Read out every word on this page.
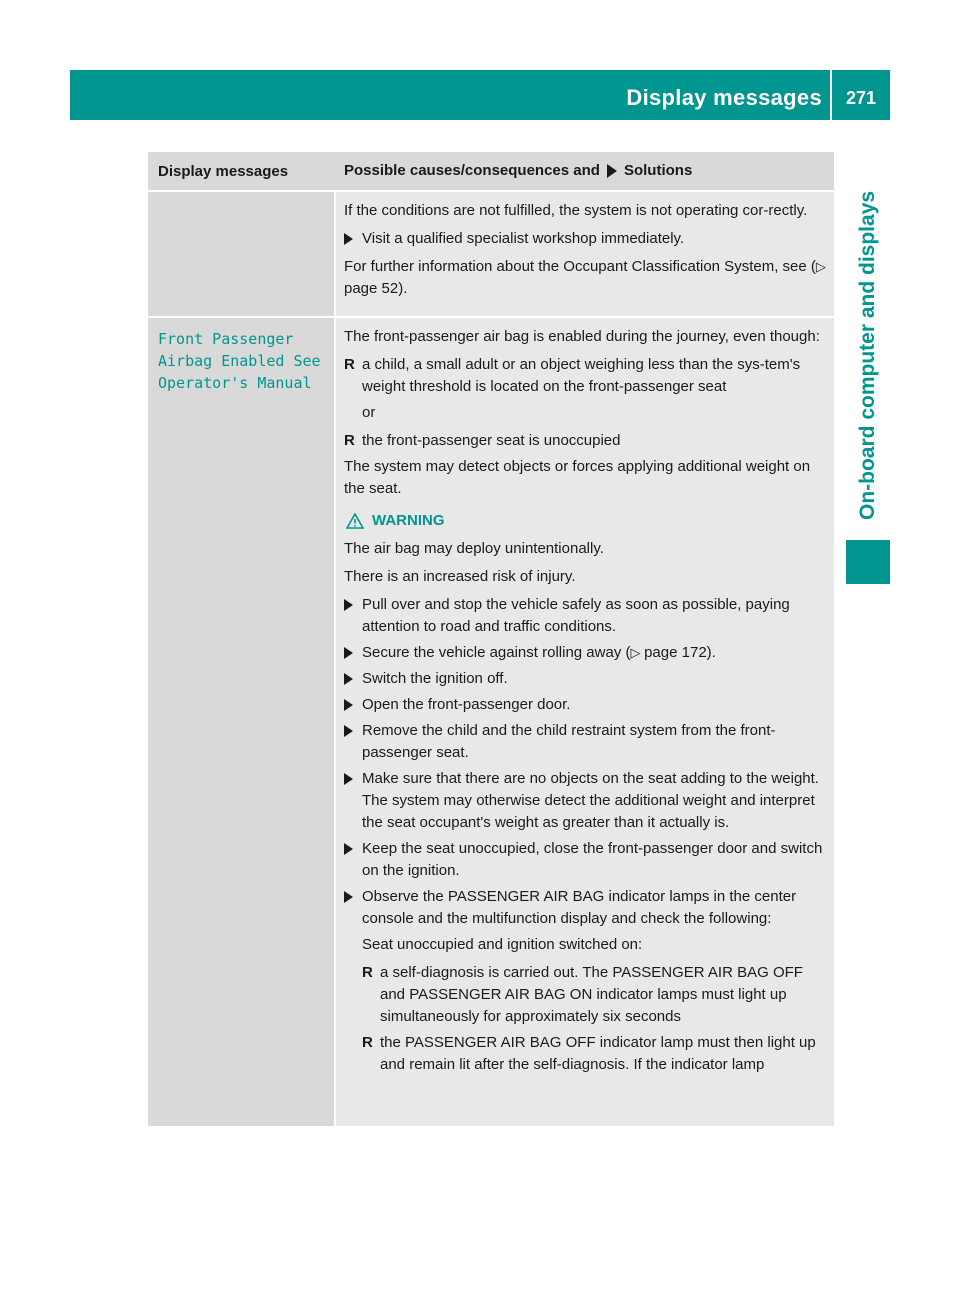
Display messages	271
On-board computer and displays
Display messages	Possible causes/consequences and Solutions

If the conditions are not fulfilled, the system is not operating cor-rectly.

Visit a qualified specialist workshop immediately.

For further information about the Occupant Classification System, see (▷ page 52).

Front Passenger
Airbag Enabled See
Operator's Manual

The front-passenger air bag is enabled during the journey, even though:

R a child, a small adult or an object weighing less than the sys-tem's weight threshold is located on the front-passenger seat

or

R the front-passenger seat is unoccupied

The system may detect objects or forces applying additional weight on the seat.

WARNING

The air bag may deploy unintentionally.

There is an increased risk of injury.

Pull over and stop the vehicle safely as soon as possible, paying attention to road and traffic conditions.
Secure the vehicle against rolling away (▷ page 172).
Switch the ignition off.
Open the front-passenger door.
Remove the child and the child restraint system from the front-passenger seat.
Make sure that there are no objects on the seat adding to the weight.
The system may otherwise detect the additional weight and interpret the seat occupant's weight as greater than it actually is.
Keep the seat unoccupied, close the front-passenger door and switch on the ignition.
Observe the PASSENGER AIR BAG indicator lamps in the center console and the multifunction display and check the following:

Seat unoccupied and ignition switched on:

R a self-diagnosis is carried out. The PASSENGER AIR BAG OFF and PASSENGER AIR BAG ON indicator lamps must light up simultaneously for approximately six seconds
R the PASSENGER AIR BAG OFF indicator lamp must then light up and remain lit after the self-diagnosis. If the indicator lamp
